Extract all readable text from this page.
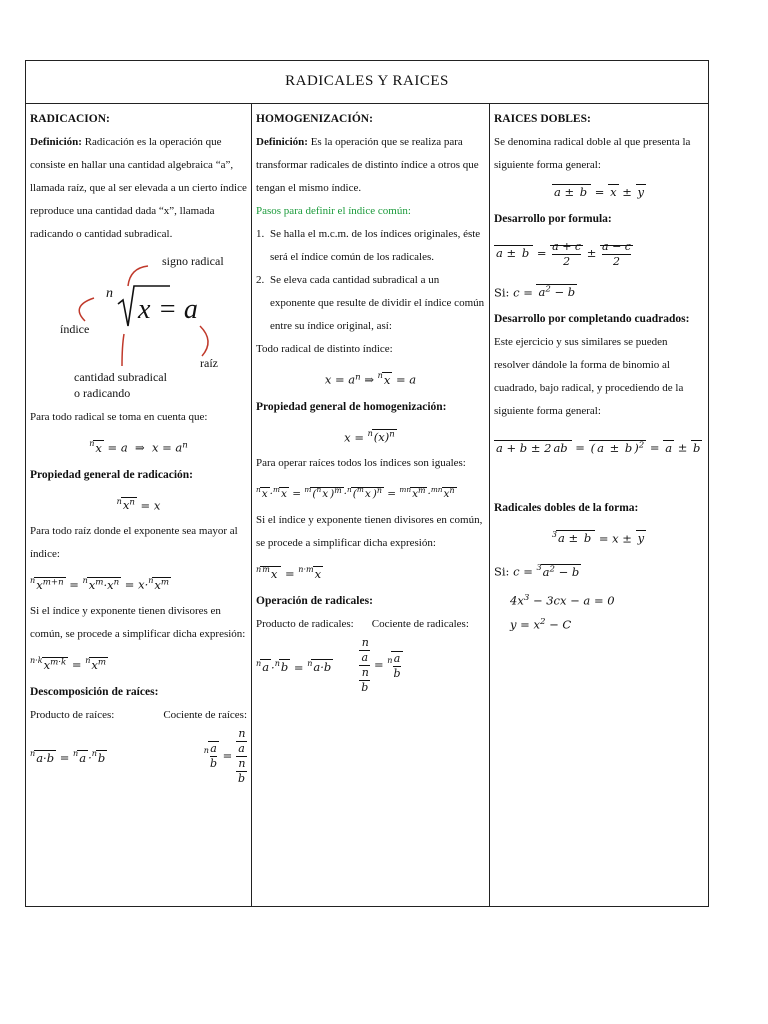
RADICALES Y RAICES

RADICACION:

Definición: Radicación es la operación que consiste en hallar una cantidad algebraica “a”, llamada raíz, que al ser elevada a un cierto índice reproduce una cantidad dada “x”, llamada radicando o cantidad subradical.

signo radical
n
x = a
índice
raíz
cantidad subradical
o radicando

Para todo radical se toma en cuenta que:

$^n$x = a  ⇒  $x = a^n$

Propiedad general de radicación:

$^nx^n = x$

Para todo raíz donde el exponente sea mayor al índice:

$^nx^{m+n} = ^nx^m\cdot x^n = x\cdot^nx^m$

Si el índice y exponente tienen divisores en común, se procede a simplificar dicha expresión:

$^{n\cdot k}x^{m\cdot k} = ^nx^m$

Descomposición de raíces:

Producto de raíces:	Cociente de raíces:
$^n$a·b = $^n$a ·$^n$b	$^n \frac{a}{b} = n$
a
n
b

HOMOGENIZACIÓN:

Definición: Es la operación que se realiza para transformar radicales de distinto índice a otros que tengan el mismo índice.

Pasos para definir el índice común:

1. Se halla el m.c.m. de los índices originales, éste será el índice común de los radicales.
2. Se eleva cada cantidad subradical a un exponente que resulte de dividir el índice común entre su índice original, así:

Todo radical de distinto índice:

$x = a^n$ ⇒ $^n$x = a

Propiedad general de homogenización:

$x = ^n(x)^n$

Para operar raíces todos los índices son iguales:

$^n$x ·$^m$x = $^m$($^n$x )$^m$ ·$^n$($^m$x )$^n = ^{mn}x^m \cdot^{mn}x^n$

Si el índice y exponente tienen divisores en común, se procede a simplificar dicha expresión:

$^{nm}$x = $^{n\cdot m}$x

Operación de radicales:

Producto de radicales: Cociente de radicales:
$^n$a ·$^n$b = $^n$a·b	n
a
n
$b = ^n \frac{a}{b}$

RAICES DOBLES:

Se denomina radical doble al que presenta la siguiente forma general:

a ± b = x ± y

Desarrollo por formula:

$a \pm b = \frac{a + c}{2} \pm \frac{a - c}{2}$
Si: $c = a^2 - b$

Desarrollo por completando cuadrados:

Este ejercicio y sus similares se pueden resolver dándole la forma de binomio al cuadrado, bajo radical, y procediendo de la siguiente forma general:

a + b ± 2 ab = ( a ± b )$^2$ = a ± b

Radicales dobles de la forma:

$^3$a ± b = x ± y
Si: $c = ^3a^2 - b$
$4x^3 - 3cx - a = 0$
$y = x^2 - C$
